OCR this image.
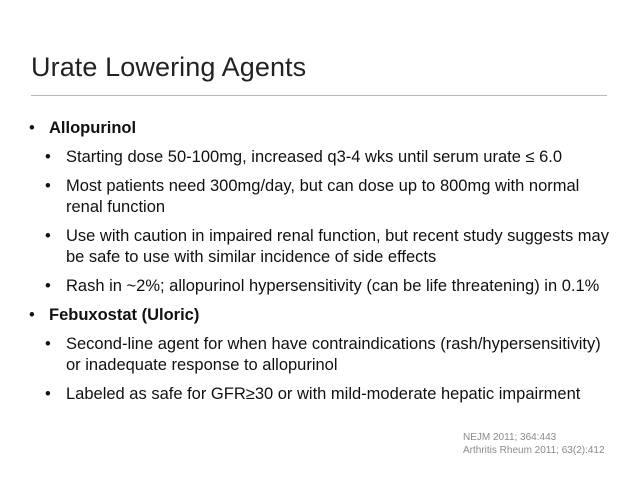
Urate Lowering Agents
• Allopurinol
• Starting dose 50-100mg, increased q3-4 wks until serum urate ≤ 6.0
• Most patients need 300mg/day, but can dose up to 800mg with normal renal function
• Use with caution in impaired renal function, but recent study suggests may be safe to use with similar incidence of side effects
• Rash in ~2%; allopurinol hypersensitivity (can be life threatening) in 0.1%
• Febuxostat (Uloric)
• Second-line agent for when have contraindications (rash/hypersensitivity) or inadequate response to allopurinol
• Labeled as safe for GFR≥30 or with mild-moderate hepatic impairment
NEJM 2011; 364:443
Arthritis Rheum 2011; 63(2):412
